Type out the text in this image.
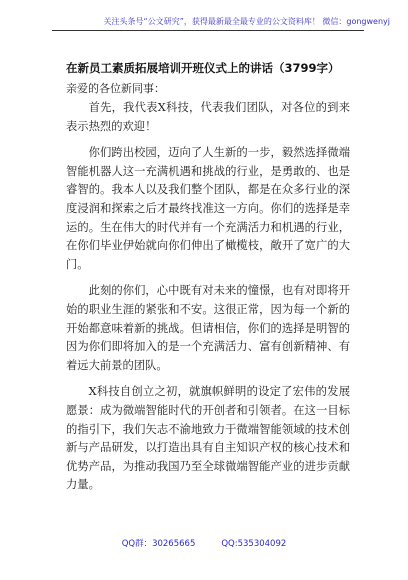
关注头条号“公文研究”，获得最新最全最专业的公文资料库！ 微信：gongwenyj
在新员工素质拓展培训开班仪式上的讲话（3799字）
亲爱的各位新同事：

首先，我代表X科技，代表我们团队，对各位的到来表示热烈的欢迎！

你们跨出校园，迈向了人生新的一步，毅然选择微端智能机器人这一充满机遇和挑战的行业，是勇敢的、也是睿智的。我本人以及我们整个团队，都是在众多行业的深度浸润和探索之后才最终找准这一方向。你们的选择是幸运的。生在伟大的时代并有一个充满活力和机遇的行业，在你们毕业伊始就向你们伸出了橄榄枝，敞开了宽广的大门。

此刻的你们，心中既有对未来的憧憬，也有对即将开始的职业生涯的紧张和不安。这很正常，因为每一个新的开始都意味着新的挑战。但请相信，你们的选择是明智的因为你们即将加入的是一个充满活力、富有创新精神、有着远大前景的团队。

X科技自创立之初，就旗帜鲜明的设定了宏伟的发展愿景：成为微端智能时代的开创者和引领者。在这一目标的指引下，我们矢志不渝地致力于微端智能领域的技术创新与产品研发，以打造出具有自主知识产权的核心技术和优势产品，为推动我国乃至全球微端智能产业的进步贡献力量。

QQ群：30265665	QQ:535304092
